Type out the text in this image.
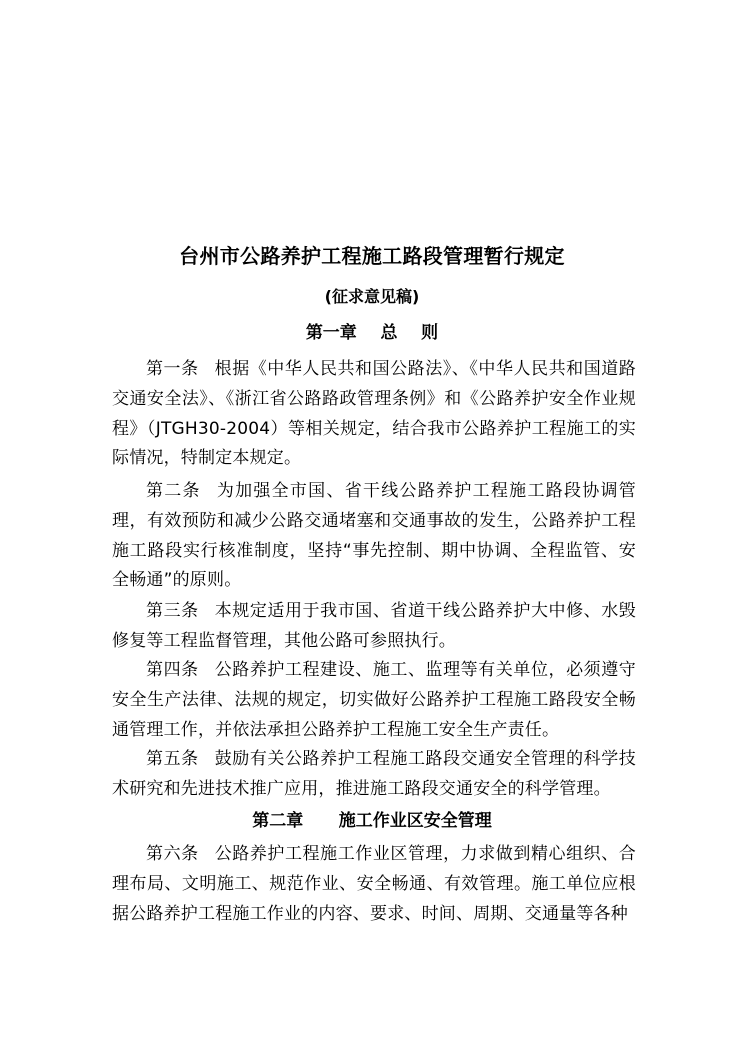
台州市公路养护工程施工路段管理暂行规定
(征求意见稿)
第一章    总    则
第一条 根据《中华人民共和国公路法》、《中华人民共和国道路交通安全法》、《浙江省公路路政管理条例》和《公路养护安全作业规程》（JTGH30-2004）等相关规定，结合我市公路养护工程施工的实际情况，特制定本规定。
第二条 为加强全市国、省干线公路养护工程施工路段协调管理，有效预防和减少公路交通堵塞和交通事故的发生，公路养护工程施工路段实行核准制度，坚持“事先控制、期中协调、全程监管、安全畅通”的原则。
第三条 本规定适用于我市国、省道干线公路养护大中修、水毁修复等工程监督管理，其他公路可参照执行。
第四条 公路养护工程建设、施工、监理等有关单位，必须遵守安全生产法律、法规的规定，切实做好公路养护工程施工路段安全畅通管理工作，并依法承担公路养护工程施工安全生产责任。
第五条 鼓励有关公路养护工程施工路段交通安全管理的科学技术研究和先进技术推广应用，推进施工路段交通安全的科学管理。
第二章      施工作业区安全管理
第六条 公路养护工程施工作业区管理，力求做到精心组织、合理布局、文明施工、规范作业、安全畅通、有效管理。施工单位应根据公路养护工程施工作业的内容、要求、时间、周期、交通量等各种
